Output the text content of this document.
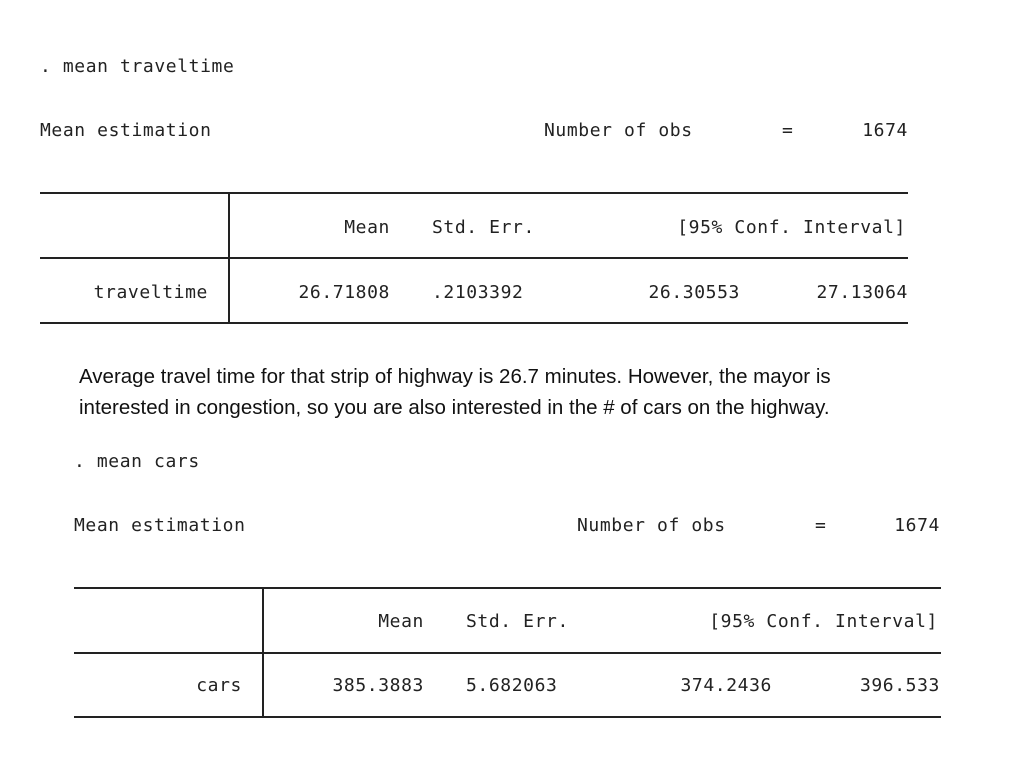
. mean traveltime
Mean estimation	Number of obs	=	1674
Mean Std. Err.	[95% Conf. Interval]
traveltime	26.71808 .2103392	26.30553	27.13064

Average travel time for that strip of highway is 26.7 minutes. However, the mayor is

interested in congestion, so you are also interested in the # of cars on the highway.

. mean cars
Mean estimation	Number of obs	=	1674
Mean Std. Err.	[95% Conf. Interval]
cars	385.3883 5.682063	374.2436	396.533
